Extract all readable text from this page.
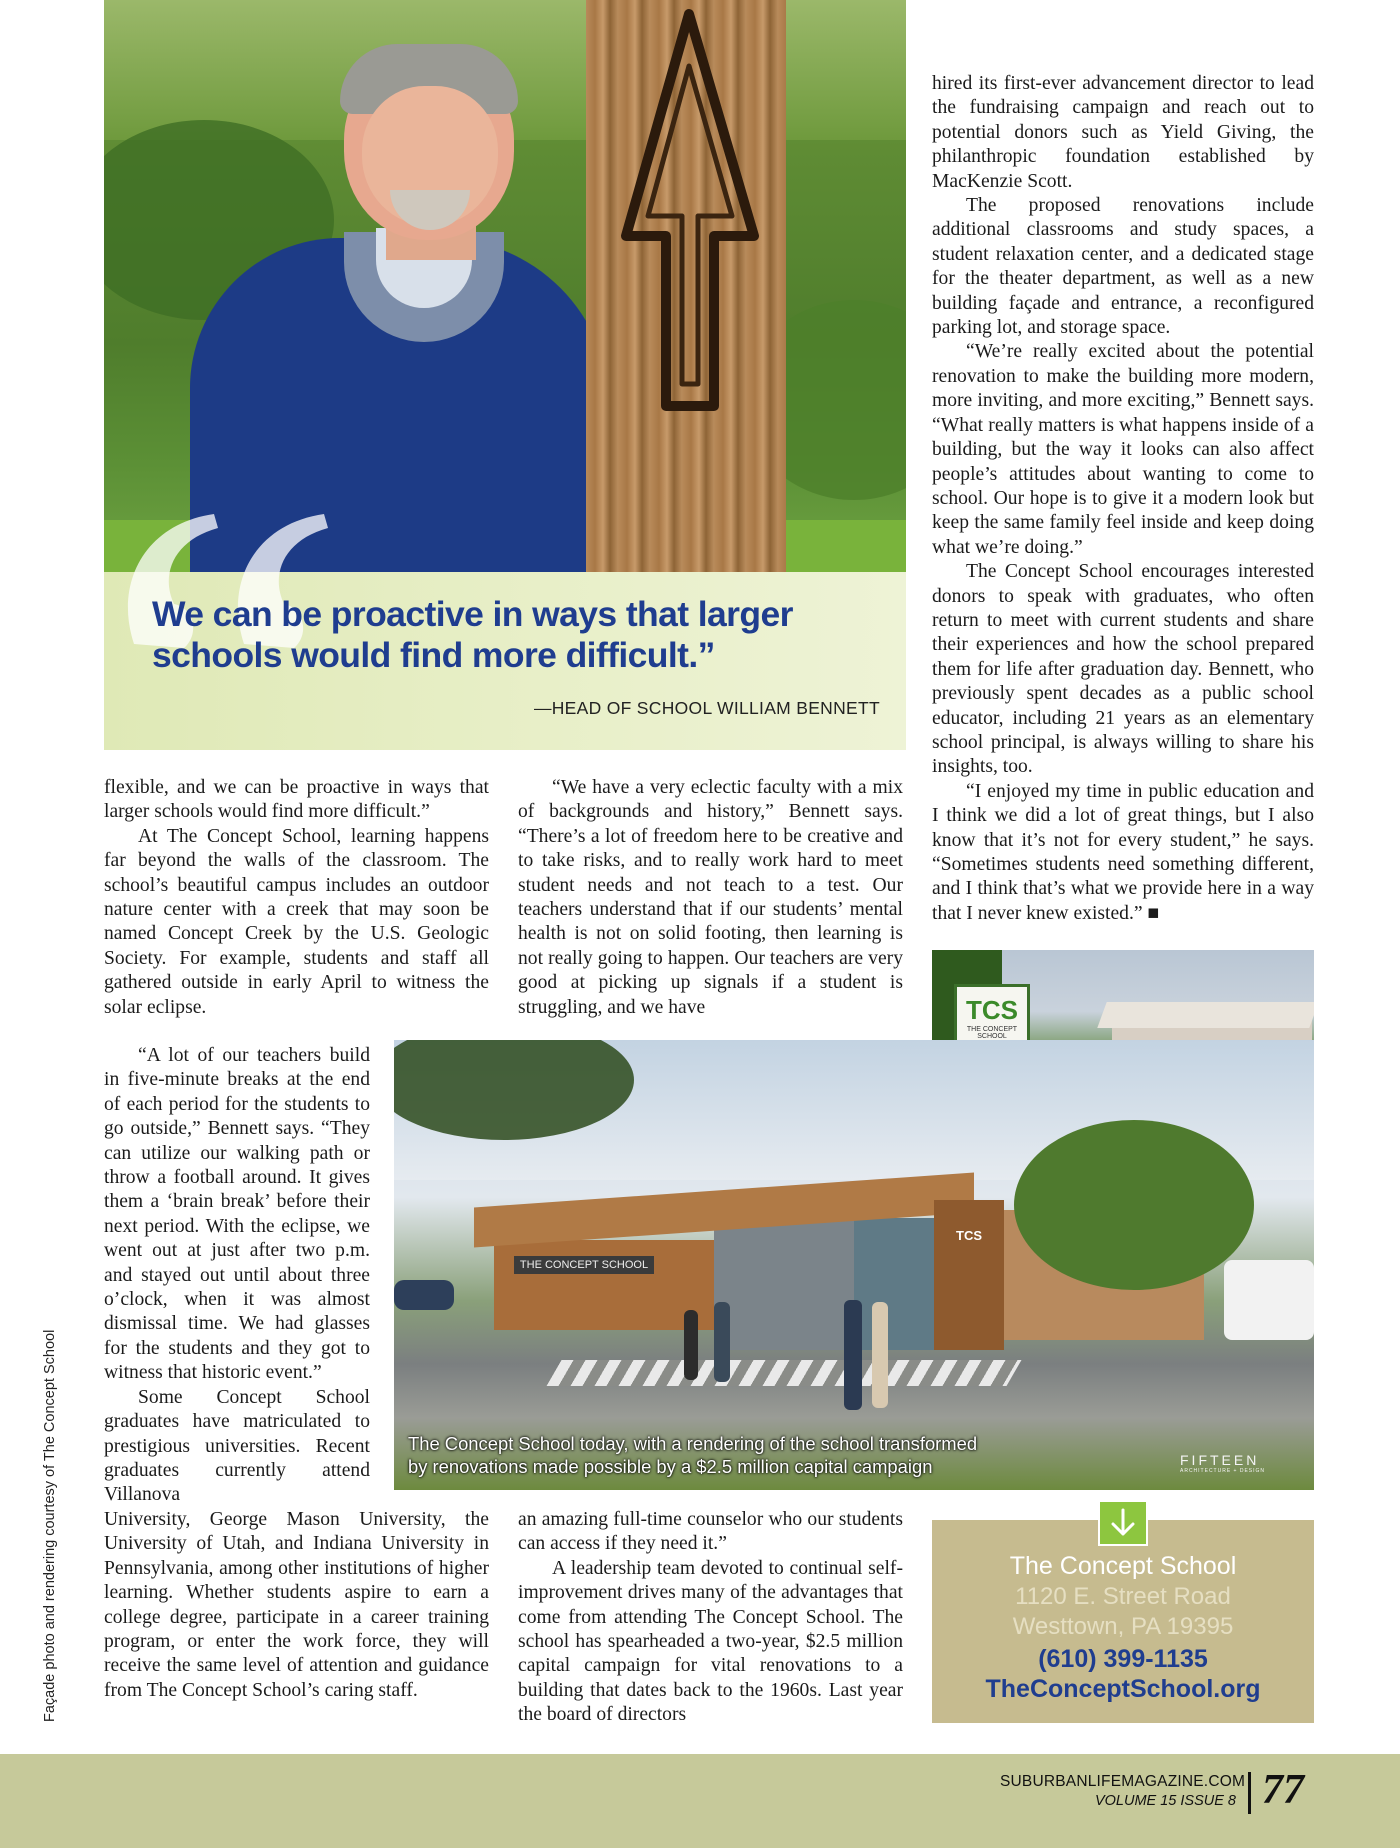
We can be proactive in ways that larger schools would find more difficult.”
—HEAD OF SCHOOL WILLIAM BENNETT

flexible, and we can be proactive in ways that larger schools would find more difficult.”

At The Concept School, learning happens far beyond the walls of the classroom. The school’s beautiful campus includes an outdoor nature center with a creek that may soon be named Concept Creek by the U.S. Geologic Society. For example, students and staff all gathered outside in early April to witness the solar eclipse.

“A lot of our teachers build in five-minute breaks at the end of each period for the students to go outside,” Bennett says. “They can utilize our walking path or throw a football around. It gives them a ‘brain break’ before their next period. With the eclipse, we went out at just after two p.m. and stayed out until about three o’clock, when it was almost dismissal time. We had glasses for the students and they got to witness that historic event.”

Some Concept School graduates have matriculated to prestigious universities. Recent graduates currently attend Villanova

University, George Mason University, the University of Utah, and Indiana University in Pennsylvania, among other institutions of higher learning. Whether students aspire to earn a college degree, participate in a career training program, or enter the work force, they will receive the same level of attention and guidance from The Concept School’s caring staff.

“We have a very eclectic faculty with a mix of backgrounds and history,” Bennett says. “There’s a lot of freedom here to be creative and to take risks, and to really work hard to meet student needs and not teach to a test. Our teachers understand that if our students’ mental health is not on solid footing, then learning is not really going to happen. Our teachers are very good at picking up signals if a student is struggling, and we have

an amazing full-time counselor who our students can access if they need it.”

A leadership team devoted to continual self-improvement drives many of the advantages that come from attending The Concept School. The school has spearheaded a two-year, $2.5 million capital campaign for vital renovations to a building that dates back to the 1960s. Last year the board of directors

hired its first-ever advancement director to lead the fundraising campaign and reach out to potential donors such as Yield Giving, the philanthropic foundation established by MacKenzie Scott.

The proposed renovations include additional classrooms and study spaces, a student relaxation center, and a dedicated stage for the theater department, as well as a new building façade and entrance, a reconfigured parking lot, and storage space.

“We’re really excited about the potential renovation to make the building more modern, more inviting, and more exciting,” Bennett says. “What really matters is what happens inside of a building, but the way it looks can also affect people’s attitudes about wanting to come to school. Our hope is to give it a modern look but keep the same family feel inside and keep doing what we’re doing.”

The Concept School encourages interested donors to speak with graduates, who often return to meet with current students and share their experiences and how the school prepared them for life after graduation day. Bennett, who previously spent decades as a public school educator, including 21 years as an elementary school principal, is always willing to share his insights, too.

“I enjoyed my time in public education and I think we did a lot of great things, but I also know that it’s not for every student,” he says. “Sometimes students need something different, and I think that’s what we provide here in a way that I never knew existed.” ■

TCS
THE CONCEPT SCHOOL
THE CONCEPT SCHOOL
TCS
The Concept School today, with a rendering of the school transformed
by renovations made possible by a $2.5 million capital campaign	FIFTEEN
ARCHITECTURE + DESIGN
The Concept School
1120 E. Street Road
Westtown, PA 19395
(610) 399-1135
TheConceptSchool.org
Façade photo and rendering courtesy of The Concept School
SUBURBANLIFEMAGAZINE.COM
VOLUME 15 ISSUE 8 77
